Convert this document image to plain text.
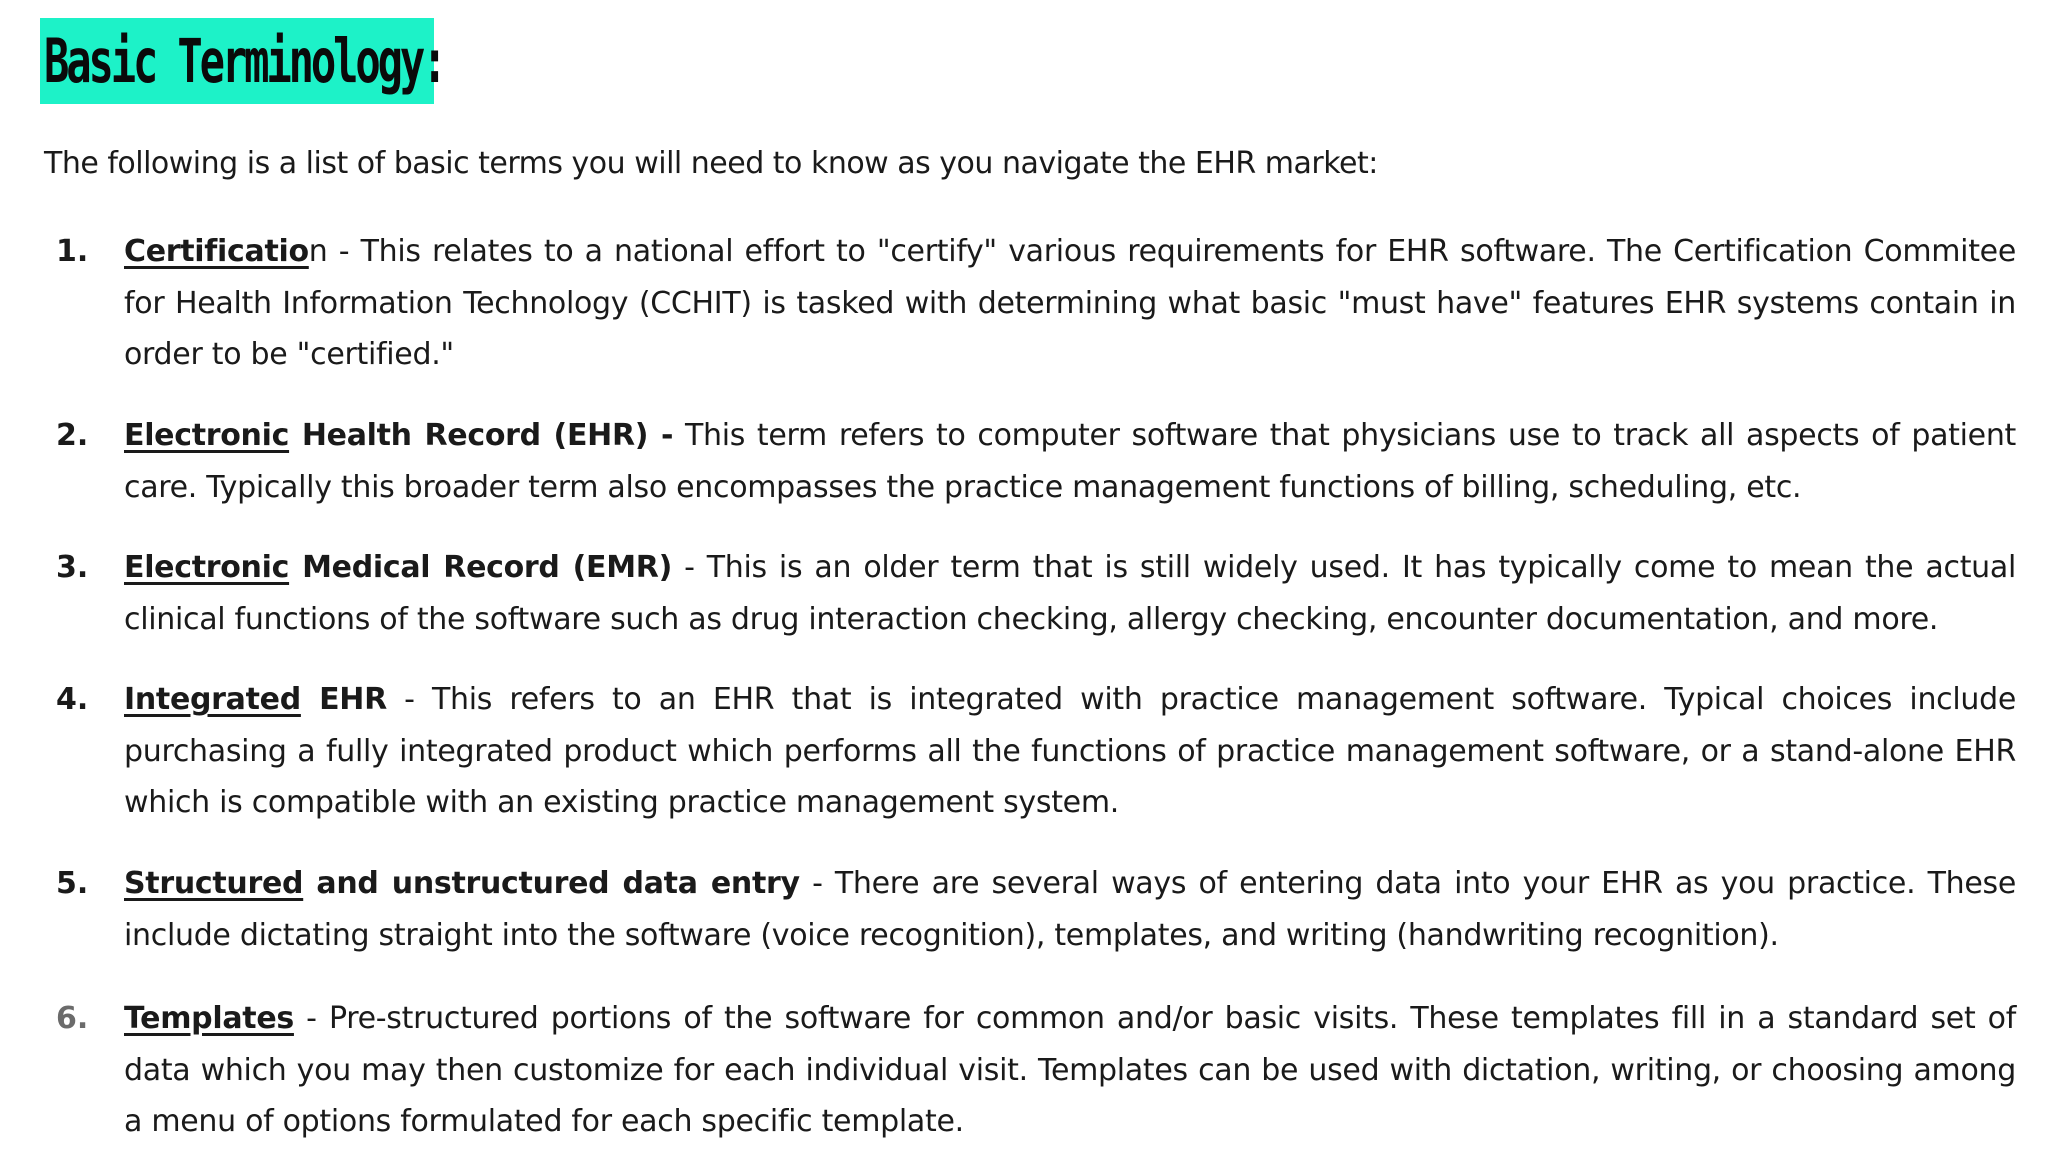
Basic Terminology:
The following is a list of basic terms you will need to know as you navigate the EHR market:
1. Certification - This relates to a national effort to "certify" various requirements for EHR software. The Certification Commitee for Health Information Technology (CCHIT) is tasked with determining what basic "must have" features EHR systems contain in order to be "certified."
2. Electronic Health Record (EHR) - This term refers to computer software that physicians use to track all aspects of patient care. Typically this broader term also encompasses the practice management functions of billing, scheduling, etc.
3. Electronic Medical Record (EMR) - This is an older term that is still widely used. It has typically come to mean the actual clinical functions of the software such as drug interaction checking, allergy checking, encounter documentation, and more.
4. Integrated EHR - This refers to an EHR that is integrated with practice management software. Typical choices include purchasing a fully integrated product which performs all the functions of practice management software, or a stand-alone EHR which is compatible with an existing practice management system.
5. Structured and unstructured data entry - There are several ways of entering data into your EHR as you practice. These include dictating straight into the software (voice recognition), templates, and writing (handwriting recognition).
6. Templates - Pre-structured portions of the software for common and/or basic visits. These templates fill in a standard set of data which you may then customize for each individual visit. Templates can be used with dictation, writing, or choosing among a menu of options formulated for each specific template.
